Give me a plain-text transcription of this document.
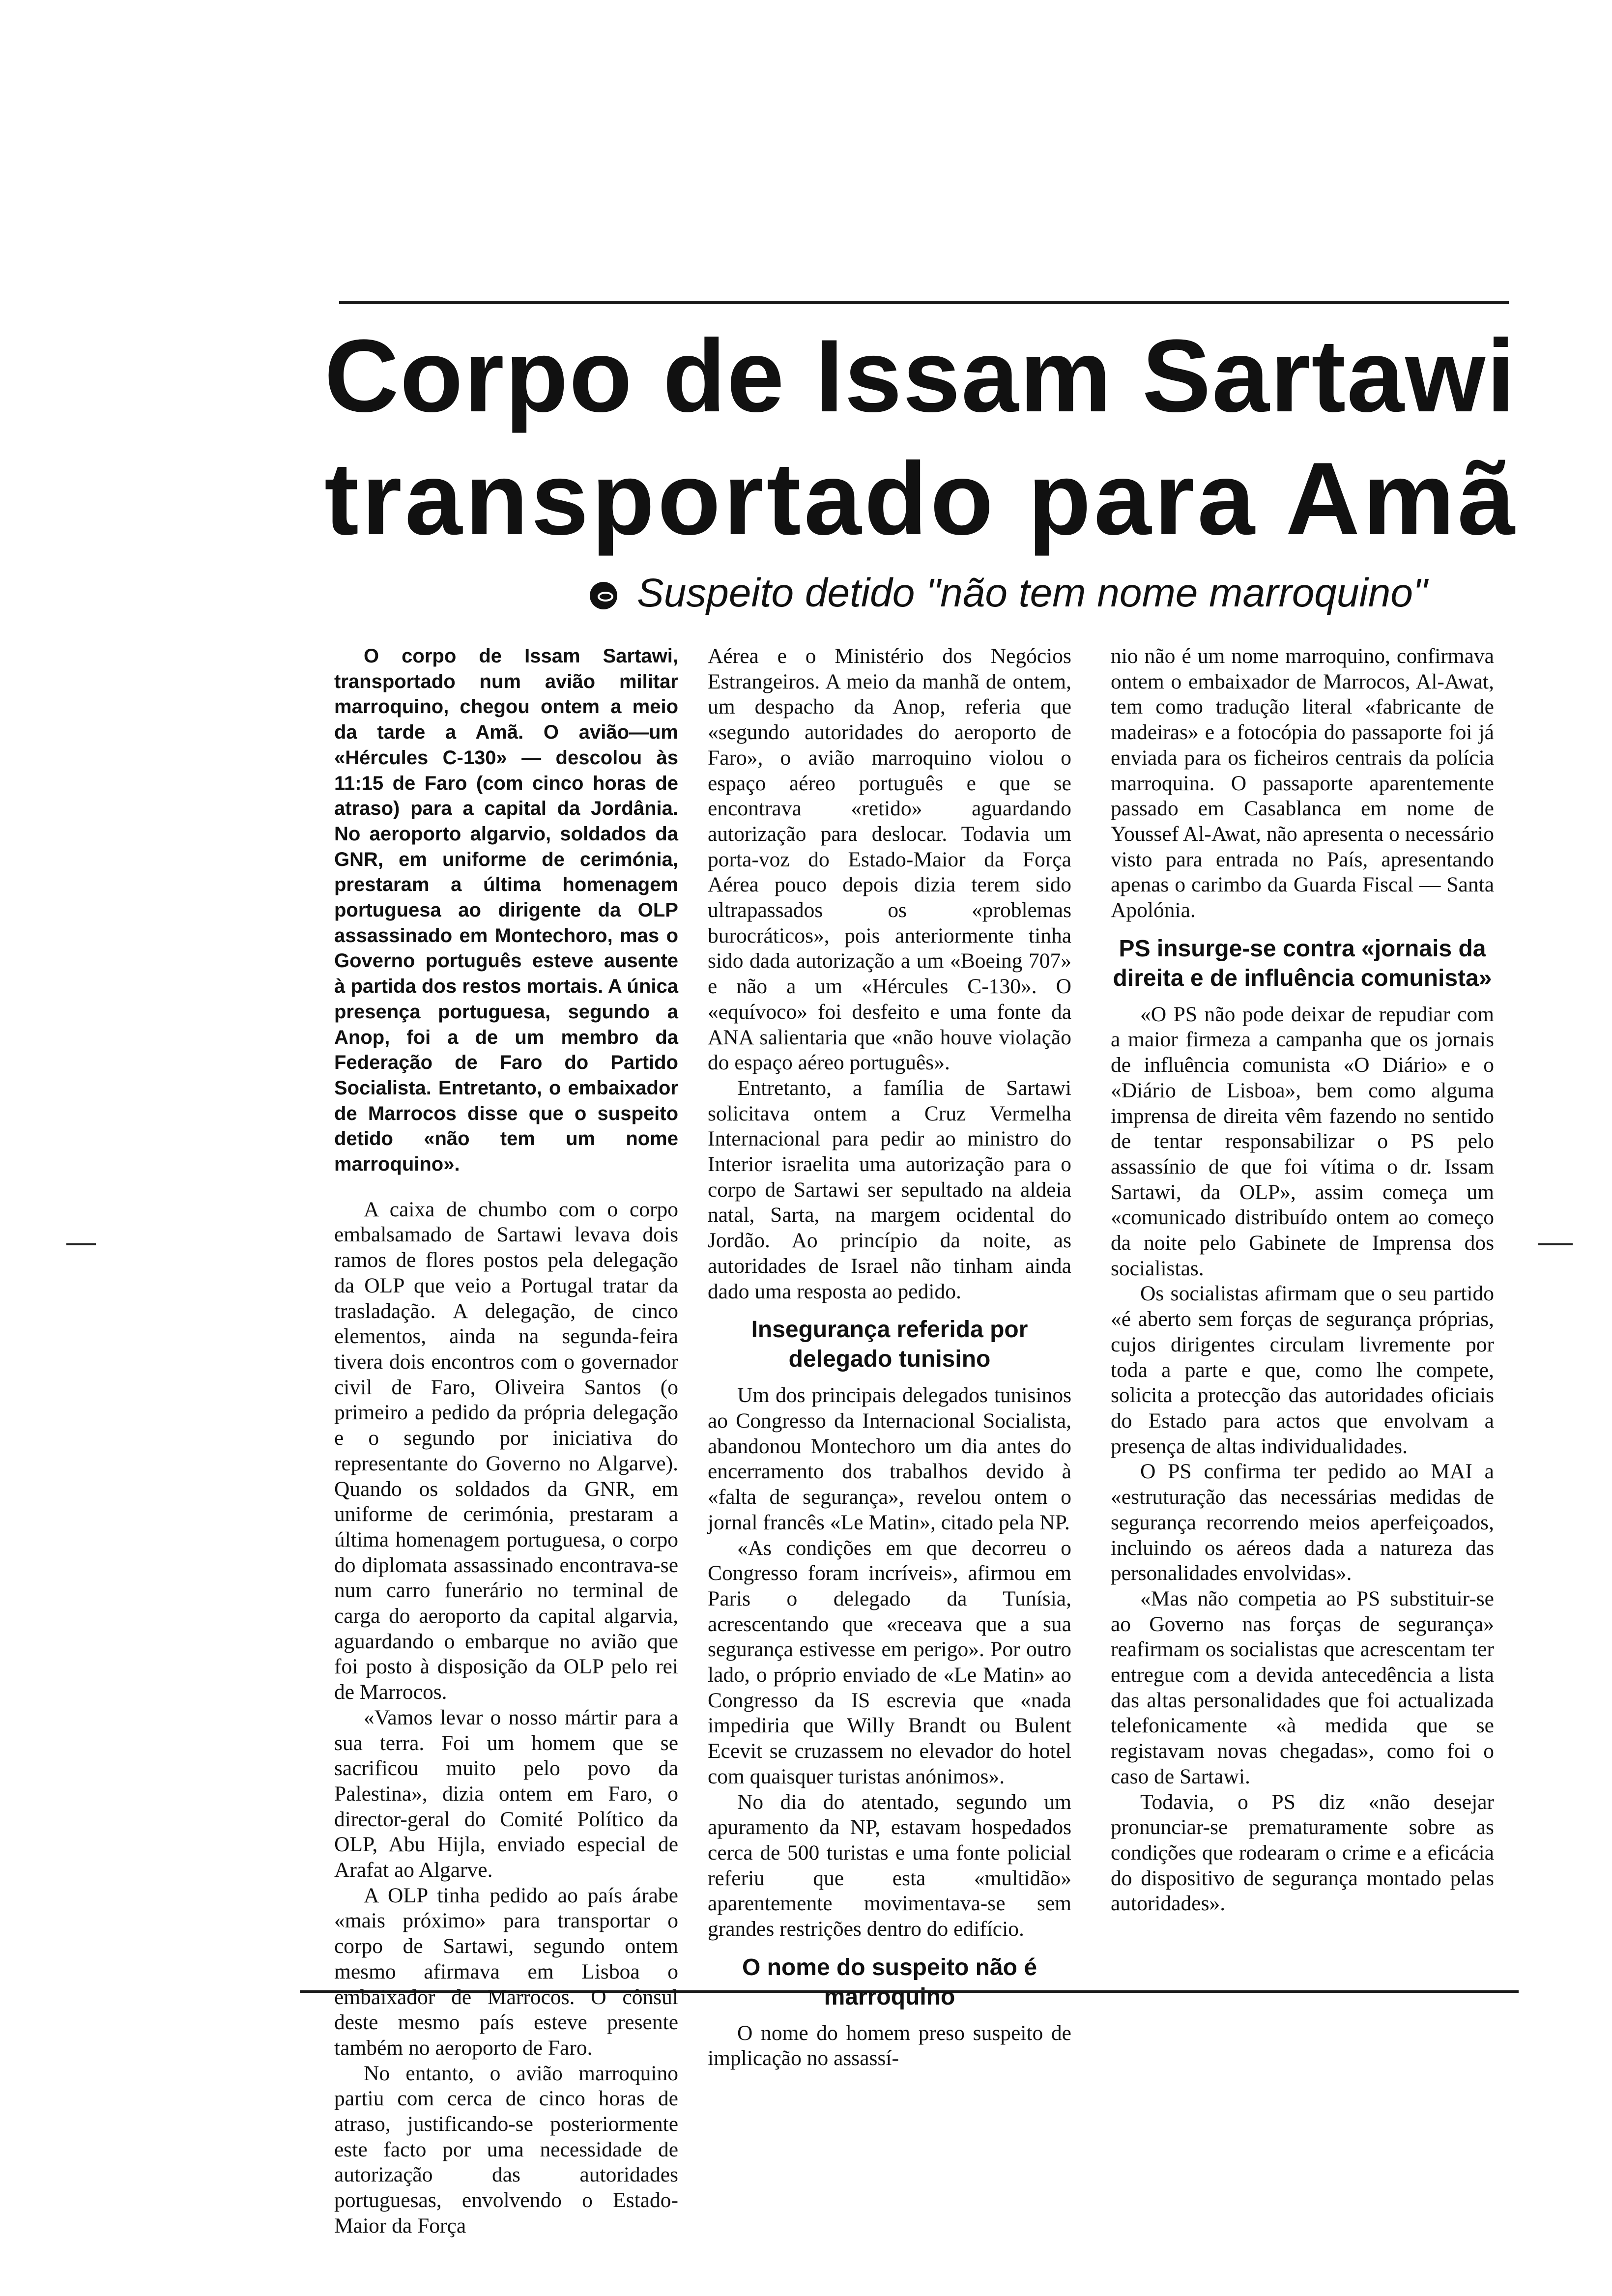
Corpo de Issam Sartawi
transportado para Amã
Suspeito detido "não tem nome marroquino"

O corpo de Issam Sartawi, transportado num avião militar marroquino, chegou ontem a meio da tarde a Amã. O avião—um «Hércules C-130» — descolou às 11:15 de Faro (com cinco horas de atraso) para a capital da Jordânia. No aeroporto algarvio, soldados da GNR, em uniforme de cerimónia, prestaram a última homenagem portuguesa ao dirigente da OLP assassinado em Montechoro, mas o Governo português esteve ausente à partida dos restos mortais. A única presença portuguesa, segundo a Anop, foi a de um membro da Federação de Faro do Partido Socialista. Entretanto, o embaixador de Marrocos disse que o suspeito detido «não tem um nome marroquino».

A caixa de chumbo com o corpo embalsamado de Sartawi levava dois ramos de flores postos pela delegação da OLP que veio a Portugal tratar da trasladação. A delegação, de cinco elementos, ainda na segunda-feira tivera dois encontros com o governador civil de Faro, Oliveira Santos (o primeiro a pedido da própria delegação e o segundo por iniciativa do representante do Governo no Algarve). Quando os soldados da GNR, em uniforme de cerimónia, prestaram a última homenagem portuguesa, o corpo do diplomata assassinado encontrava-se num carro funerário no terminal de carga do aeroporto da capital algarvia, aguardando o embarque no avião que foi posto à disposição da OLP pelo rei de Marrocos.

«Vamos levar o nosso mártir para a sua terra. Foi um homem que se sacrificou muito pelo povo da Palestina», dizia ontem em Faro, o director-geral do Comité Político da OLP, Abu Hijla, enviado especial de Arafat ao Algarve.

A OLP tinha pedido ao país árabe «mais próximo» para transportar o corpo de Sartawi, segundo ontem mesmo afirmava em Lisboa o embaixador de Marrocos. O cônsul deste mesmo país esteve presente também no aeroporto de Faro.

No entanto, o avião marroquino partiu com cerca de cinco horas de atraso, justificando-se posteriormente este facto por uma necessidade de autorização das autoridades portuguesas, envolvendo o Estado-Maior da Força

Aérea e o Ministério dos Negócios Estrangeiros. A meio da manhã de ontem, um despacho da Anop, referia que «segundo autoridades do aeroporto de Faro», o avião marroquino violou o espaço aéreo português e que se encontrava «retido» aguardando autorização para deslocar. Todavia um porta-voz do Estado-Maior da Força Aérea pouco depois dizia terem sido ultrapassados os «problemas burocráticos», pois anteriormente tinha sido dada autorização a um «Boeing 707» e não a um «Hércules C-130». O «equívoco» foi desfeito e uma fonte da ANA salientaria que «não houve violação do espaço aéreo português».

Entretanto, a família de Sartawi solicitava ontem a Cruz Vermelha Internacional para pedir ao ministro do Interior israelita uma autorização para o corpo de Sartawi ser sepultado na aldeia natal, Sarta, na margem ocidental do Jordão. Ao princípio da noite, as autoridades de Israel não tinham ainda dado uma resposta ao pedido.

Insegurança referida por delegado tunisino

Um dos principais delegados tunisinos ao Congresso da Internacional Socialista, abandonou Montechoro um dia antes do encerramento dos trabalhos devido à «falta de segurança», revelou ontem o jornal francês «Le Matin», citado pela NP.

«As condições em que decorreu o Congresso foram incríveis», afirmou em Paris o delegado da Tunísia, acrescentando que «receava que a sua segurança estivesse em perigo». Por outro lado, o próprio enviado de «Le Matin» ao Congresso da IS escrevia que «nada impediria que Willy Brandt ou Bulent Ecevit se cruzassem no elevador do hotel com quaisquer turistas anónimos».

No dia do atentado, segundo um apuramento da NP, estavam hospedados cerca de 500 turistas e uma fonte policial referiu que esta «multidão» aparentemente movimentava-se sem grandes restrições dentro do edifício.

O nome do suspeito não é marroquino

O nome do homem preso suspeito de implicação no assassí-

nio não é um nome marroquino, confirmava ontem o embaixador de Marrocos, Al-Awat, tem como tradução literal «fabricante de madeiras» e a fotocópia do passaporte foi já enviada para os ficheiros centrais da polícia marroquina. O passaporte aparentemente passado em Casablanca em nome de Youssef Al-Awat, não apresenta o necessário visto para entrada no País, apresentando apenas o carimbo da Guarda Fiscal — Santa Apolónia.

PS insurge-se contra «jornais da direita e de influência comunista»

«O PS não pode deixar de repudiar com a maior firmeza a campanha que os jornais de influência comunista «O Diário» e o «Diário de Lisboa», bem como alguma imprensa de direita vêm fazendo no sentido de tentar responsabilizar o PS pelo assassínio de que foi vítima o dr. Issam Sartawi, da OLP», assim começa um «comunicado distribuído ontem ao começo da noite pelo Gabinete de Imprensa dos socialistas.

Os socialistas afirmam que o seu partido «é aberto sem forças de segurança próprias, cujos dirigentes circulam livremente por toda a parte e que, como lhe compete, solicita a protecção das autoridades oficiais do Estado para actos que envolvam a presença de altas individualidades.

O PS confirma ter pedido ao MAI a «estruturação das necessárias medidas de segurança recorrendo meios aperfeiçoados, incluindo os aéreos dada a natureza das personalidades envolvidas».

«Mas não competia ao PS substituir-se ao Governo nas forças de segurança» reafirmam os socialistas que acrescentam ter entregue com a devida antecedência a lista das altas personalidades que foi actualizada telefonicamente «à medida que se registavam novas chegadas», como foi o caso de Sartawi.

Todavia, o PS diz «não desejar pronunciar-se prematuramente sobre as condições que rodearam o crime e a eficácia do dispositivo de segurança montado pelas autoridades».
